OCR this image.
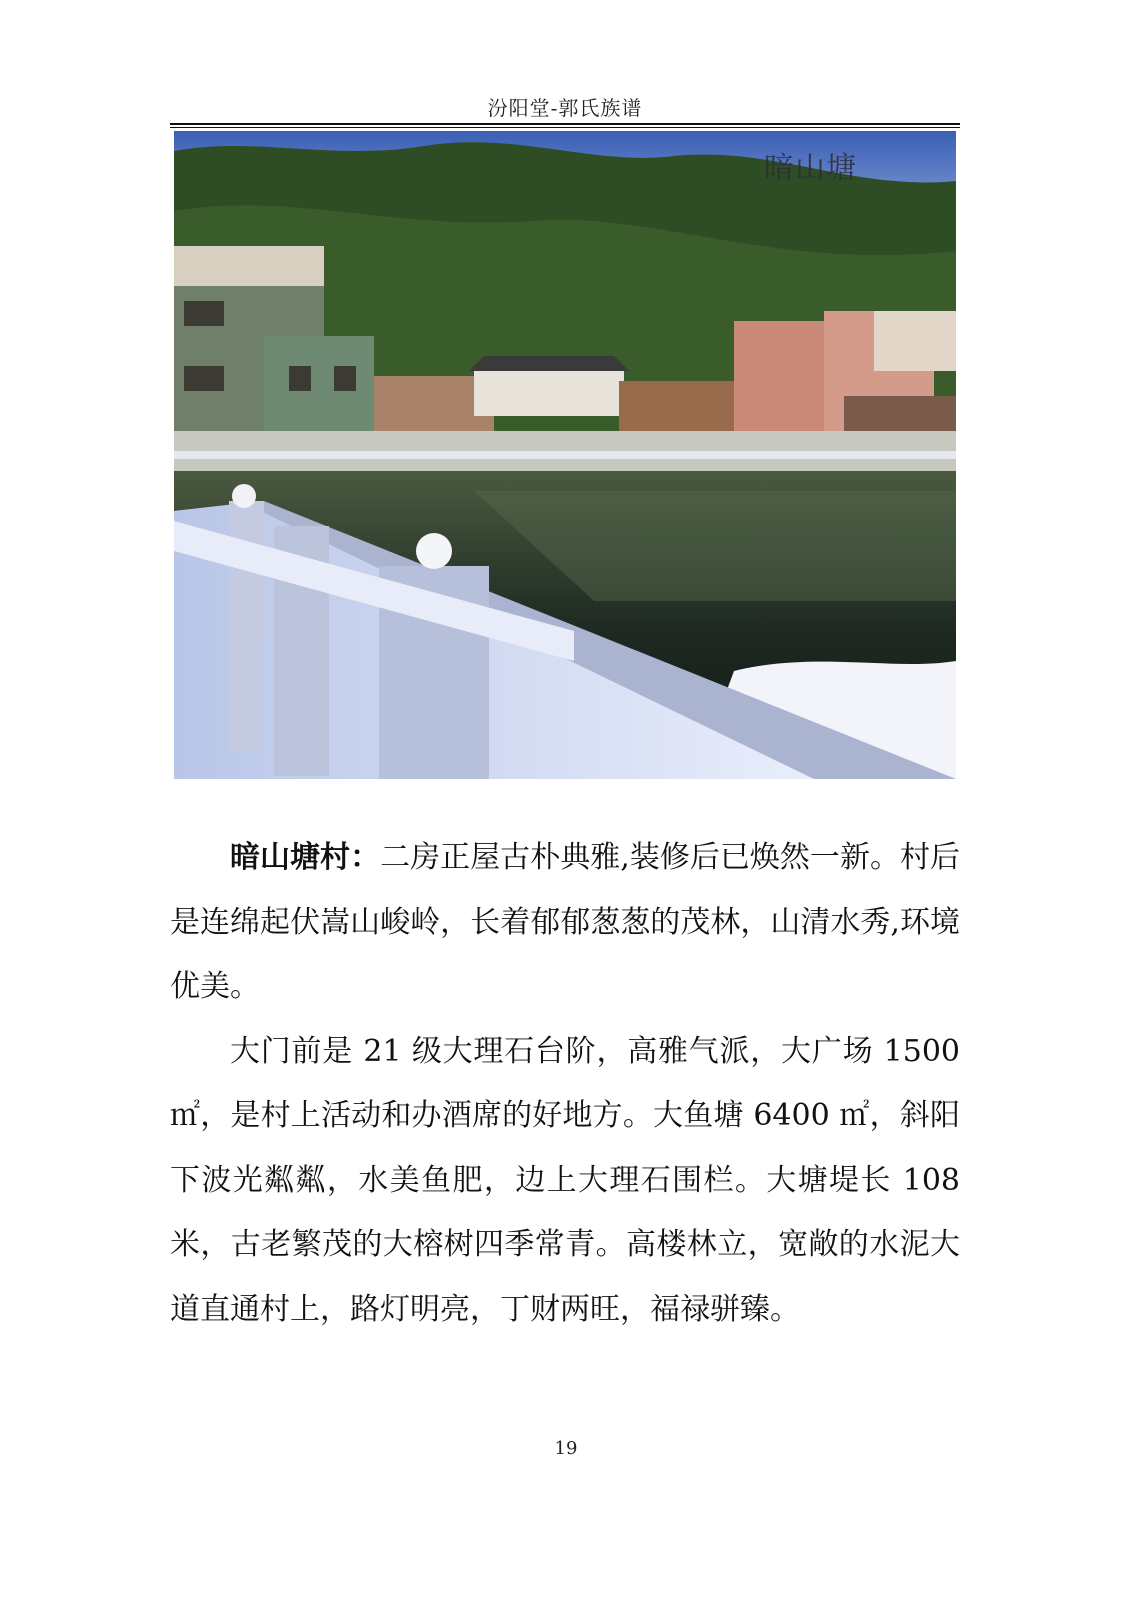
汾阳堂-郭氏族谱
暗山塘

暗山塘村：二房正屋古朴典雅,装修后已焕然一新。村后是连绵起伏嵩山峻岭，长着郁郁葱葱的茂林，山清水秀,环境优美。

大门前是 21 级大理石台阶，高雅气派，大广场 1500 ㎡，是村上活动和办酒席的好地方。大鱼塘 6400 ㎡，斜阳下波光粼粼，水美鱼肥，边上大理石围栏。大塘堤长 108 米，古老繁茂的大榕树四季常青。高楼林立，宽敞的水泥大道直通村上，路灯明亮，丁财两旺，福禄骈臻。

19
